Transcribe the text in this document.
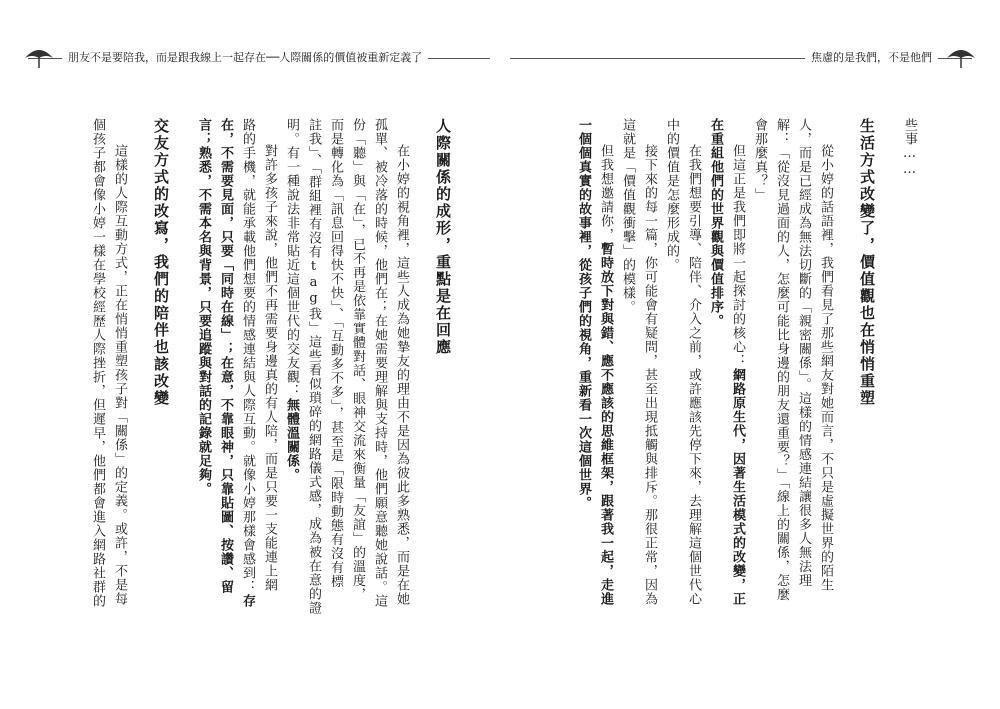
朋友不是要陪我，而是跟我線上一起存在──人際關係的價值被重新定義了	焦慮的是我們，不是他們
些事……
生活方式改變了，價值觀也在悄悄重塑
從小婷的話語裡，我們看見了那些網友對她而言，不只是虛擬世界的陌生
人，而是已經成為無法切斷的「親密關係」。這樣的情感連結讓很多人無法理
解：「從沒見過面的人，怎麼可能比身邊的朋友還重要？」「線上的關係，怎麼
會那麼真？」
但這正是我們即將一起探討的核心：網路原生代，因著生活模式的改變，正
在重組他們的世界觀與價值排序。
在我們想要引導、陪伴、介入之前，或許應該先停下來，去理解這個世代心
中的價值是怎麼形成的。
接下來的每一篇，你可能會有疑問，甚至出現抵觸與排斥。那很正常，因為
這就是「價值觀衝擊」的模樣。
但我想邀請你，暫時放下對與錯、應不應該的思維框架，跟著我一起，走進
一個個真實的故事裡，從孩子們的視角，重新看一次這個世界。
人際關係的成形，重點是在回應
在小婷的視角裡，這些人成為她摯友的理由不是因為彼此多熟悉，而是在她
孤單、被冷落的時候，他們在；在她需要理解與支持時，他們願意聽她說話。這
份「聽」與「在」，已不再是依靠實體對話、眼神交流來衡量「友誼」的溫度，
而是轉化為「訊息回得快不快」、「互動多不多」，甚至是「限時動態有沒有標
註我」、「群組裡有沒有tag我」這些看似瑣碎的網路儀式感，成為被在意的證
明。有一種說法非常貼近這個世代的交友觀：無體溫關係。
對許多孩子來說，他們不再需要身邊真的有人陪，而是只要一支能連上網
路的手機，就能承載他們想要的情感連結與人際互動。就像小婷那樣會感到：存
在，不需要見面，只要「同時在線」；在意，不靠眼神，只靠貼圖、按讚、留
言；熟悉，不需本名與背景，只要追蹤與對話的記錄就足夠。
交友方式的改寫，我們的陪伴也該改變
這樣的人際互動方式，正在悄悄重塑孩子對「關係」的定義。或許，不是每
個孩子都會像小婷一樣在學校經歷人際挫折，但遲早，他們都會進入網路社群的
